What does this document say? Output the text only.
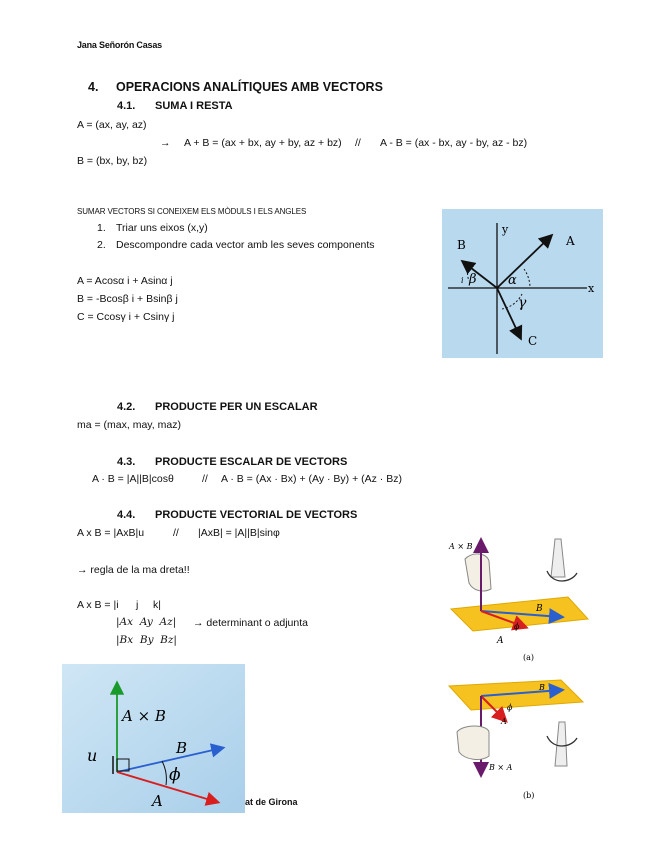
Jana Señorón Casas
4. OPERACIONS ANALÍTIQUES AMB VECTORS
4.1. SUMA I RESTA
A = (ax, ay, az)
→ A + B = (ax + bx, ay + by, az + bz) // A - B = (ax - bx, ay - by, az - bz)
B = (bx, by, bz)
SUMAR VECTORS SI CONEIXEM ELS MÒDULS I ELS ANGLES
1. Triar uns eixos (x,y)
2. Descompondre cada vector amb les seves components
A = Acosα i + Asinα j
B = -Bcosβ i + Bsinβ j
C = Ccosγ i + Csinγ j
y
x
A
B
C
i β α
γ
4.2. PRODUCTE PER UN ESCALAR
ma = (max, may, maz)
4.3. PRODUCTE ESCALAR DE VECTORS
A · B = |A||B|cosθ	// A · B = (Ax · Bx) + (Ay · By) + (Az · Bz)
4.4. PRODUCTE VECTORIAL DE VECTORS
A x B = |AxB|u	// |AxB| = |A||B|sinφ
→ regla de la ma dreta!!
A x B = |i      j     k|
|Ax  Ay  Az| → determinant o adjunta
|Bx  By  Bz|
A × B
B
u
ϕ
A	at de Girona
A × B
B
ϕ
A
(a)
B
ϕ
A
B × A
(b)
